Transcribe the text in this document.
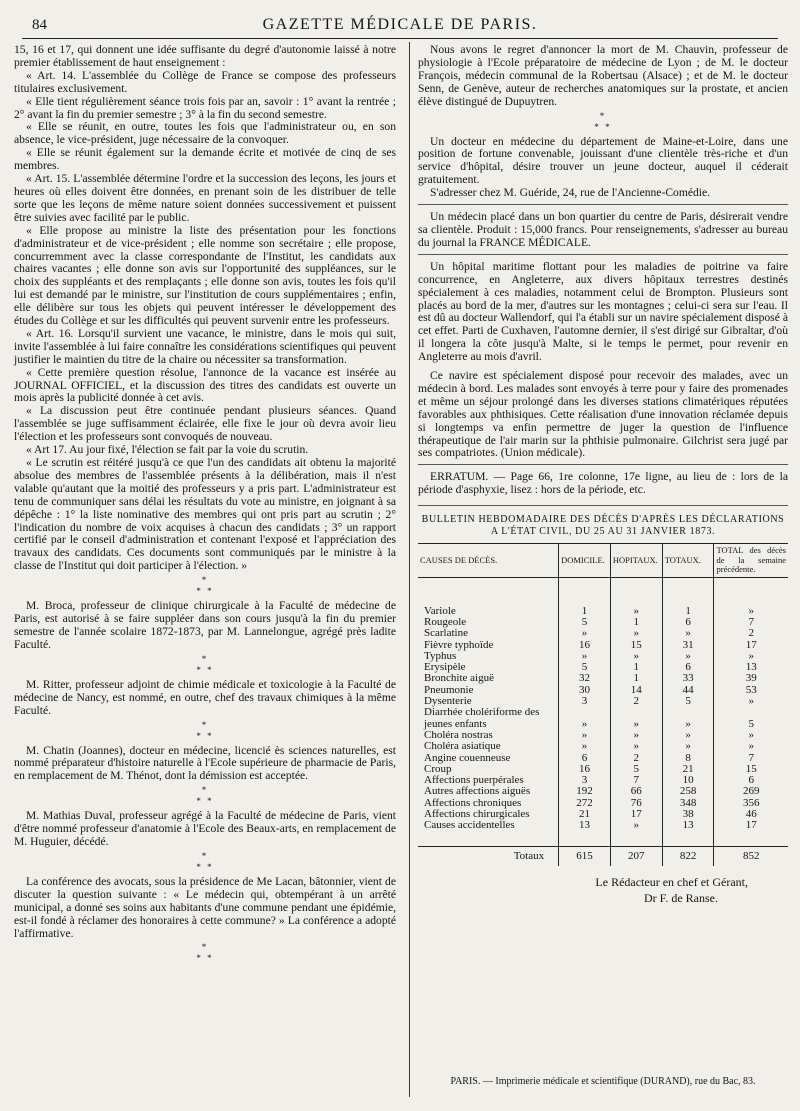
84	GAZETTE MÉDICALE DE PARIS.

15, 16 et 17, qui donnent une idée suffisante du degré d'autonomie laissé à notre premier établissement de haut enseignement :

« Art. 14. L'assemblée du Collège de France se compose des professeurs titulaires exclusivement.

« Elle tient régulièrement séance trois fois par an, savoir : 1° avant la rentrée ; 2° avant la fin du premier semestre ; 3° à la fin du second semestre.

« Elle se réunit, en outre, toutes les fois que l'administrateur ou, en son absence, le vice-président, juge nécessaire de la convoquer.

« Elle se réunit également sur la demande écrite et motivée de cinq de ses membres.

« Art. 15. L'assemblée détermine l'ordre et la succession des leçons, les jours et heures où elles doivent être données, en prenant soin de les distribuer de telle sorte que les leçons de même nature soient données successivement et puissent être suivies avec facilité par le public.

« Elle propose au ministre la liste des présentation pour les fonctions d'administrateur et de vice-président ; elle nomme son secrétaire ; elle propose, concurremment avec la classe correspondante de l'Institut, les candidats aux chaires vacantes ; elle donne son avis sur l'opportunité des suppléances, sur le choix des suppléants et des remplaçants ; elle donne son avis, toutes les fois qu'il lui est demandé par le ministre, sur l'institution de cours supplémentaires ; enfin, elle délibère sur tous les objets qui peuvent intéresser le développement des études du Collège et sur les difficultés qui peuvent survenir entre les professeurs.

« Art. 16. Lorsqu'il survient une vacance, le ministre, dans le mois qui suit, invite l'assemblée à lui faire connaître les considérations scientifiques qui peuvent justifier le maintien du titre de la chaire ou nécessiter sa transformation.

« Cette première question résolue, l'annonce de la vacance est insérée au JOURNAL OFFICIEL, et la discussion des titres des candidats est ouverte un mois après la publicité donnée à cet avis.

« La discussion peut être continuée pendant plusieurs séances. Quand l'assemblée se juge suffisamment éclairée, elle fixe le jour où devra avoir lieu l'élection et les professeurs sont convoqués de nouveau.

« Art 17. Au jour fixé, l'élection se fait par la voie du scrutin.

« Le scrutin est réitéré jusqu'à ce que l'un des candidats ait obtenu la majorité absolue des membres de l'assemblée présents à la délibération, mais il n'est valable qu'autant que la moitié des professeurs y a pris part. L'administrateur est tenu de communiquer sans délai les résultats du vote au ministre, en joignant à sa dépêche : 1° la liste nominative des membres qui ont pris part au scrutin ; 2° l'indication du nombre de voix acquises à chacun des candidats ; 3° un rapport certifié par le conseil d'administration et contenant l'exposé et l'appréciation des travaux des candidats. Ces documents sont communiqués par le ministre à la classe de l'Institut qui doit participer à l'élection. »

*
* *

M. Broca, professeur de clinique chirurgicale à la Faculté de médecine de Paris, est autorisé à se faire suppléer dans son cours jusqu'à la fin du premier semestre de l'année scolaire 1872-1873, par M. Lannelongue, agrégé près ladite Faculté.

*
* *

M. Ritter, professeur adjoint de chimie médicale et toxicologie à la Faculté de médecine de Nancy, est nommé, en outre, chef des travaux chimiques à la même Faculté.

*
* *

M. Chatin (Joannes), docteur en médecine, licencié ès sciences naturelles, est nommé préparateur d'histoire naturelle à l'Ecole supérieure de pharmacie de Paris, en remplacement de M. Thénot, dont la démission est acceptée.

*
* *

M. Mathias Duval, professeur agrégé à la Faculté de médecine de Paris, vient d'être nommé professeur d'anatomie à l'Ecole des Beaux-arts, en remplacement de M. Huguier, décédé.

*
* *

La conférence des avocats, sous la présidence de Me Lacan, bâtonnier, vient de discuter la question suivante : « Le médecin qui, obtempérant à un arrêté municipal, a donné ses soins aux habitants d'une commune pendant une épidémie, est-il fondé à réclamer des honoraires à cette commune? » La conférence a adopté l'affirmative.

*
* *

Nous avons le regret d'annoncer la mort de M. Chauvin, professeur de physiologie à l'Ecole préparatoire de médecine de Lyon ; de M. le docteur François, médecin communal de la Robertsau (Alsace) ; et de M. le docteur Senn, de Genève, auteur de recherches anatomiques sur la prostate, et ancien élève distingué de Dupuytren.

*
* *

Un docteur en médecine du département de Maine-et-Loire, dans une position de fortune convenable, jouissant d'une clientèle très-riche et d'un service d'hôpital, désire trouver un jeune docteur, auquel il céderait gratuitement.

S'adresser chez M. Guéride, 24, rue de l'Ancienne-Comédie.

Un médecin placé dans un bon quartier du centre de Paris, désirerait vendre sa clientèle. Produit : 15,000 francs. Pour renseignements, s'adresser au bureau du journal la FRANCE MÉDICALE.

Un hôpital maritime flottant pour les maladies de poitrine va faire concurrence, en Angleterre, aux divers hôpitaux terrestres destinés spécialement à ces maladies, notamment celui de Brompton. Plusieurs sont placés au bord de la mer, d'autres sur les montagnes ; celui-ci sera sur l'eau. Il est dû au docteur Wallendorf, qui l'a établi sur un navire spécialement disposé à cet effet. Parti de Cuxhaven, l'automne dernier, il s'est dirigé sur Gibraltar, d'où il longera la côte jusqu'à Malte, si le temps le permet, pour revenir en Angleterre au mois d'avril.

Ce navire est spécialement disposé pour recevoir des malades, avec un médecin à bord. Les malades sont envoyés à terre pour y faire des promenades et même un séjour prolongé dans les diverses stations climatériques réputées favorables aux phthisiques. Cette réalisation d'une innovation réclamée depuis si longtemps va enfin permettre de juger la question de l'influence thérapeutique de l'air marin sur la phthisie pulmonaire. Gilchrist sera jugé par ses compatriotes. (Union médicale).

ERRATUM. — Page 66, 1re colonne, 17e ligne, au lieu de : lors de la période d'asphyxie, lisez : hors de la période, etc.

BULLETIN HEBDOMADAIRE DES DÉCÈS D'APRÈS LES DÉCLARATIONS
A L'ÉTAT CIVIL, DU 25 AU 31 JANVIER 1873.
CAUSES DE DÉCÈS.	DOMICILE.	HOPITAUX.	TOTAUX.	TOTAL des décès de la semaine précédente.
Variole	1	»	1	»
Rougeole	5	1	6	7
Scarlatine	»	»	»	2
Fièvre typhoïde	16	15	31	17
Typhus	»	»	»	»
Erysipèle	5	1	6	13
Bronchite aiguë	32	1	33	39
Pneumonie	30	14	44	53
Dysenterie	3	2	5	»
Diarrhée cholériforme des				
jeunes enfants	»	»	»	5
Choléra nostras	»	»	»	»
Choléra asiatique	»	»	»	»
Angine couenneuse	6	2	8	7
Croup	16	5	21	15
Affections puerpérales	3	7	10	6
Autres affections aiguës	192	66	258	269
Affections chroniques	272	76	348	356
Affections chirurgicales	21	17	38	46
Causes accidentelles	13	»	13	17

Totaux	615	207	822	852
Le Rédacteur en chef et Gérant,
Dr F. de Ranse.
PARIS. — Imprimerie médicale et scientifique (DURAND), rue du Bac, 83.
